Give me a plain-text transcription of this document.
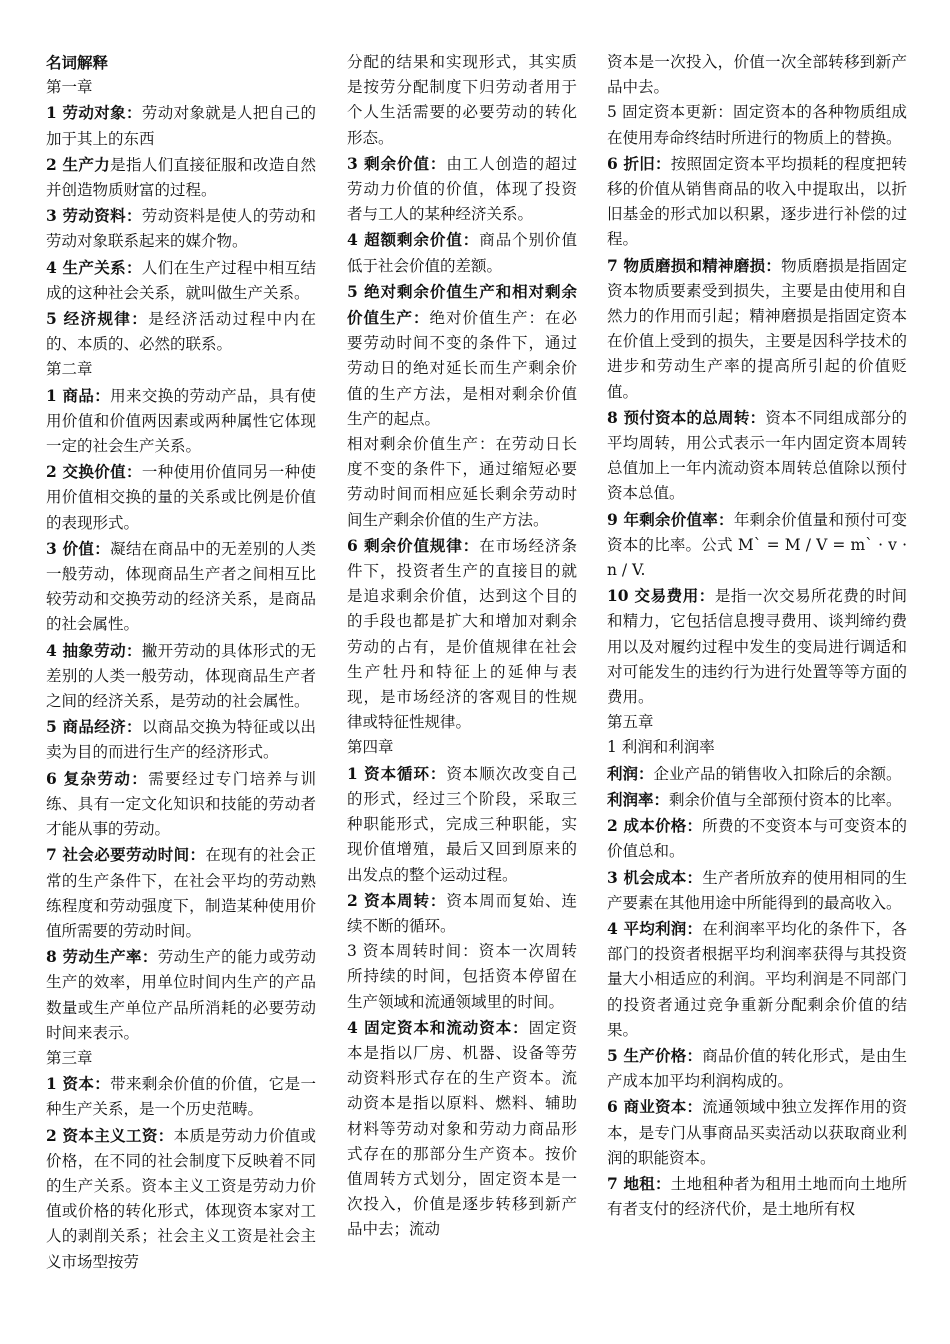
名词解释

第一章

1 劳动对象：劳动对象就是人把自己的加于其上的东西

2 生产力是指人们直接征服和改造自然并创造物质财富的过程。

3 劳动资料：劳动资料是使人的劳动和劳动对象联系起来的媒介物。

4 生产关系：人们在生产过程中相互结成的这种社会关系，就叫做生产关系。

5 经济规律：是经济活动过程中内在的、本质的、必然的联系。

第二章

1 商品：用来交换的劳动产品，具有使用价值和价值两因素或两种属性它体现一定的社会生产关系。

2 交换价值：一种使用价值同另一种使用价值相交换的量的关系或比例是价值的表现形式。

3 价值：凝结在商品中的无差别的人类一般劳动，体现商品生产者之间相互比较劳动和交换劳动的经济关系，是商品的社会属性。

4 抽象劳动：撇开劳动的具体形式的无差别的人类一般劳动，体现商品生产者之间的经济关系，是劳动的社会属性。

5 商品经济：以商品交换为特征或以出卖为目的而进行生产的经济形式。

6 复杂劳动：需要经过专门培养与训练、具有一定文化知识和技能的劳动者才能从事的劳动。

7 社会必要劳动时间：在现有的社会正常的生产条件下，在社会平均的劳动熟练程度和劳动强度下，制造某种使用价值所需要的劳动时间。

8 劳动生产率：劳动生产的能力或劳动生产的效率，用单位时间内生产的产品数量或生产单位产品所消耗的必要劳动时间来表示。

第三章

1 资本：带来剩余价值的价值，它是一种生产关系，是一个历史范畴。

2 资本主义工资：本质是劳动力价值或价格，在不同的社会制度下反映着不同的生产关系。资本主义工资是劳动力价值或价格的转化形式，体现资本家对工人的剥削关系；社会主义工资是社会主义市场型按劳

分配的结果和实现形式，其实质是按劳分配制度下归劳动者用于个人生活需要的必要劳动的转化形态。

3 剩余价值：由工人创造的超过劳动力价值的价值，体现了投资者与工人的某种经济关系。

4 超额剩余价值：商品个别价值低于社会价值的差额。

5 绝对剩余价值生产和相对剩余价值生产：绝对价值生产：在必要劳动时间不变的条件下，通过劳动日的绝对延长而生产剩余价值的生产方法，是相对剩余价值生产的起点。

相对剩余价值生产：在劳动日长度不变的条件下，通过缩短必要劳动时间而相应延长剩余劳动时间生产剩余价值的生产方法。

6 剩余价值规律：在市场经济条件下，投资者生产的直接目的就是追求剩余价值，达到这个目的的手段也都是扩大和增加对剩余劳动的占有，是价值规律在社会生产牡丹和特征上的延伸与表现，是市场经济的客观目的性规律或特征性规律。

第四章

1 资本循环：资本顺次改变自己的形式，经过三个阶段，采取三种职能形式，完成三种职能，实现价值增殖，最后又回到原来的出发点的整个运动过程。

2 资本周转：资本周而复始、连续不断的循环。

3 资本周转时间：资本一次周转所持续的时间，包括资本停留在生产领域和流通领域里的时间。

4 固定资本和流动资本：固定资本是指以厂房、机器、设备等劳动资料形式存在的生产资本。流动资本是指以原料、燃料、辅助材料等劳动对象和劳动力商品形式存在的那部分生产资本。按价值周转方式划分，固定资本是一次投入，价值是逐步转移到新产品中去；流动

资本是一次投入，价值一次全部转移到新产品中去。

5 固定资本更新：固定资本的各种物质组成在使用寿命终结时所进行的物质上的替换。

6 折旧：按照固定资本平均损耗的程度把转移的价值从销售商品的收入中提取出，以折旧基金的形式加以积累，逐步进行补偿的过程。

7 物质磨损和精神磨损：物质磨损是指固定资本物质要素受到损失，主要是由使用和自然力的作用而引起；精神磨损是指固定资本在价值上受到的损失，主要是因科学技术的进步和劳动生产率的提高所引起的价值贬值。

8 预付资本的总周转：资本不同组成部分的平均周转，用公式表示一年内固定资本周转总值加上一年内流动资本周转总值除以预付资本总值。

9 年剩余价值率：年剩余价值量和预付可变资本的比率。公式 M` = M / V = m` · v · n / V.

10 交易费用：是指一次交易所花费的时间和精力，它包括信息搜寻费用、谈判缔约费用以及对履约过程中发生的变局进行调适和对可能发生的违约行为进行处置等等方面的费用。

第五章

1 利润和利润率

利润：企业产品的销售收入扣除后的余额。

利润率：剩余价值与全部预付资本的比率。

2 成本价格：所费的不变资本与可变资本的价值总和。

3 机会成本：生产者所放弃的使用相同的生产要素在其他用途中所能得到的最高收入。

4 平均利润：在利润率平均化的条件下，各部门的投资者根据平均利润率获得与其投资量大小相适应的利润。平均利润是不同部门的投资者通过竞争重新分配剩余价值的结果。

5 生产价格：商品价值的转化形式，是由生产成本加平均利润构成的。

6 商业资本：流通领域中独立发挥作用的资本，是专门从事商品买卖活动以获取商业利润的职能资本。

7 地租：土地租种者为租用土地而向土地所有者支付的经济代价，是土地所有权
